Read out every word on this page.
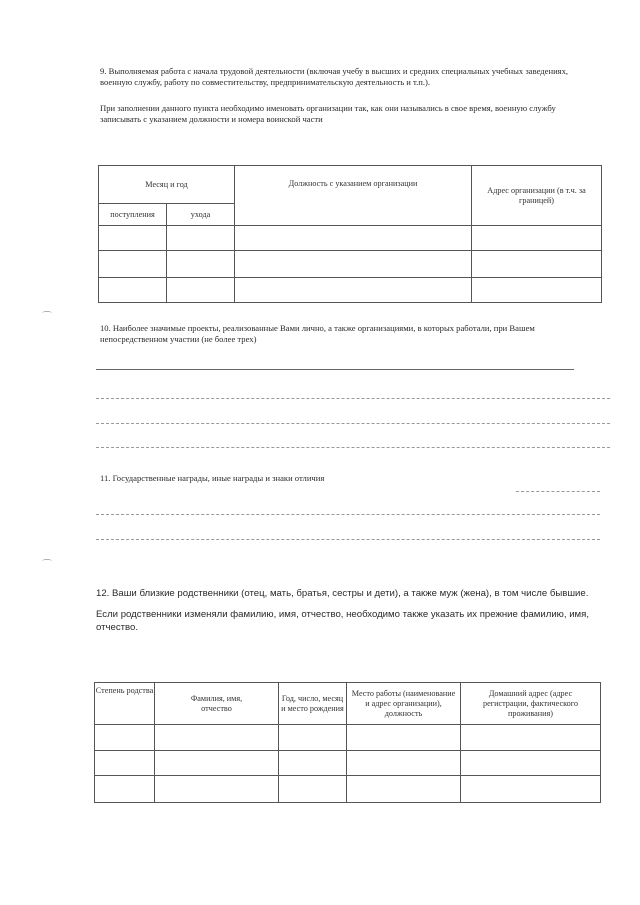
9. Выполняемая работа с начала трудовой деятельности (включая учебу в высших и средних специальных учебных заведениях, военную службу, работу по совместительству, предпринимательскую деятельность и т.п.).
При заполнении данного пункта необходимо именовать организации так, как они назывались в свое время, военную службу записывать с указанием должности и номера воинской части
Месяц и год		Должность с указанием организации	Адрес организации (в т.ч. за границей)
поступления	ухода		

⌒
10. Наиболее значимые проекты, реализованные Вами лично, а также организациями, в которых работали, при Вашем непосредственном участии (не более трех)
11. Государственные награды, иные награды и знаки отличия
⌒
12. Ваши близкие родственники (отец, мать, братья, сестры и дети), а также муж (жена), в том числе бывшие.
Если родственники изменяли фамилию, имя, отчество, необходимо также указать их прежние фамилию, имя, отчество.
Степень родства	Фамилия, имя, отчество	Год, число, месяц и место рождения	Место работы (наименование и адрес организации), должность	Домашний адрес (адрес регистрации, фактического проживания)
